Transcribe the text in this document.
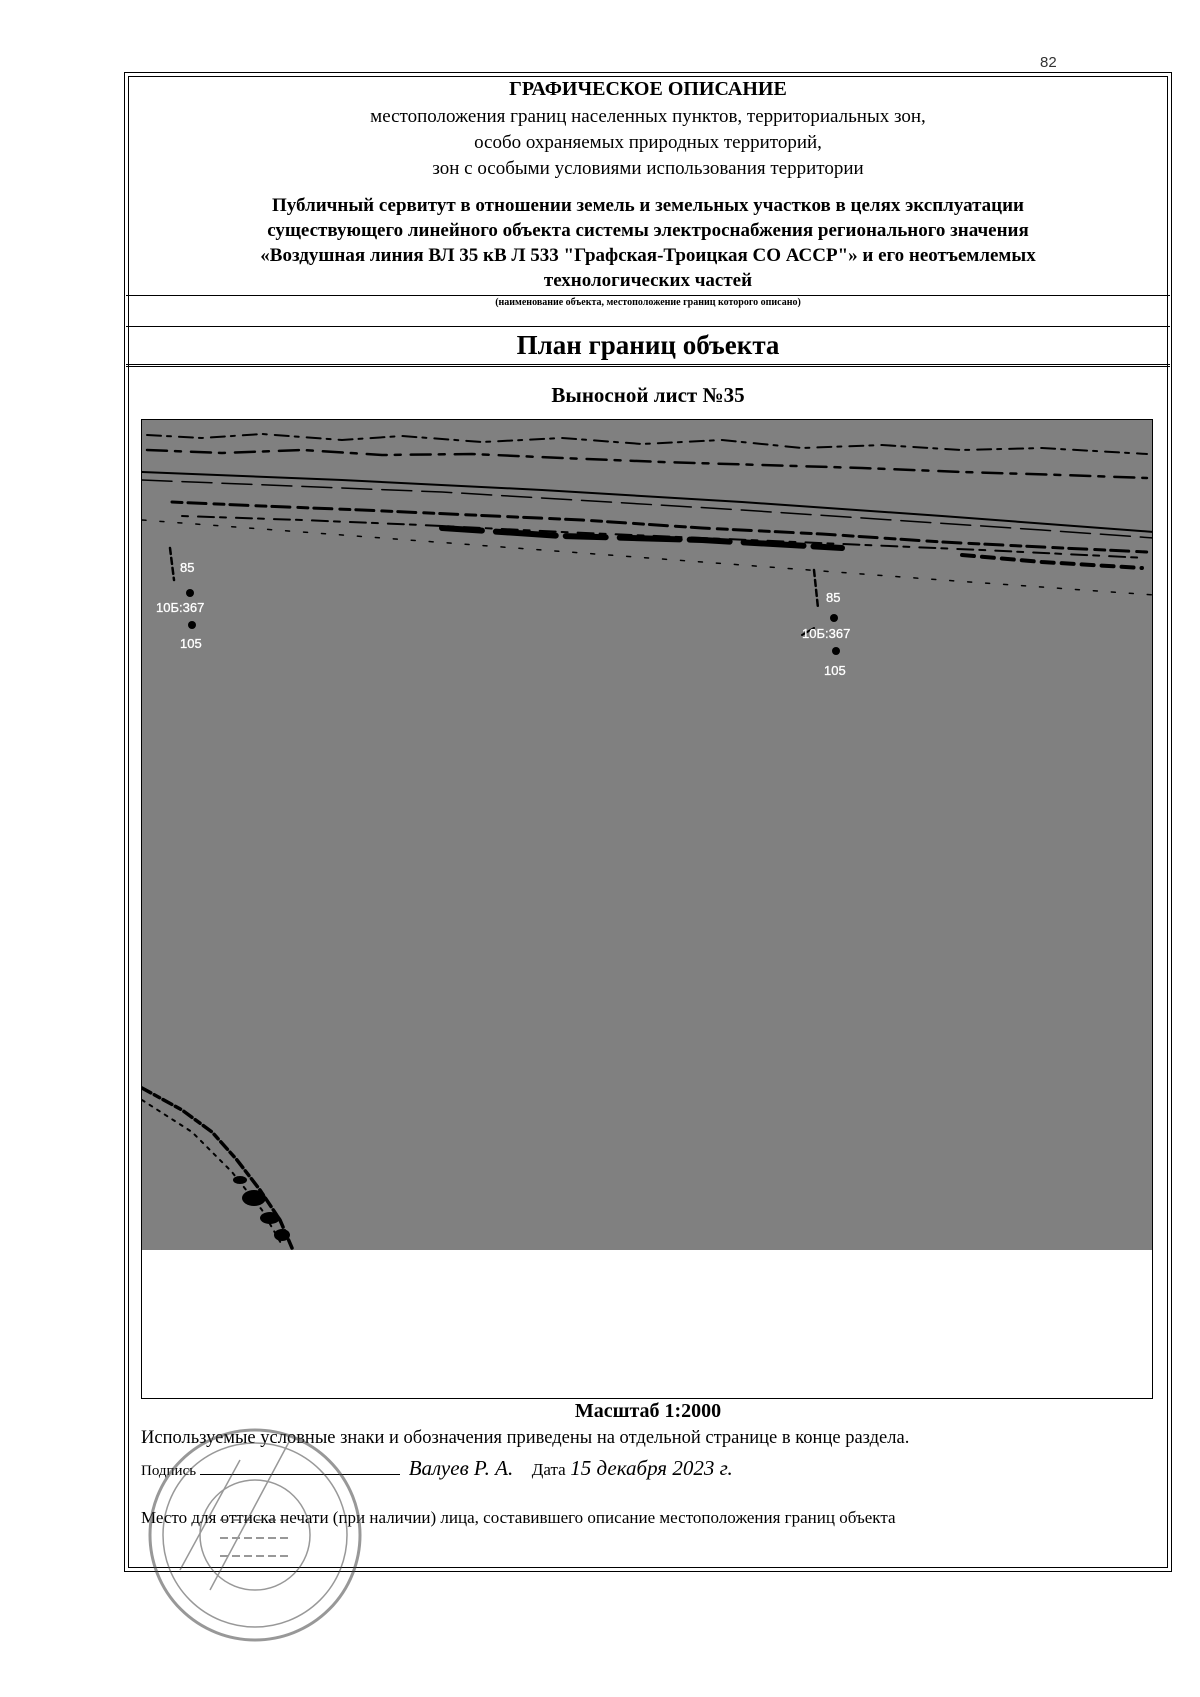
82
ГРАФИЧЕСКОЕ ОПИСАНИЕ
местоположения границ населенных пунктов, территориальных зон,
особо охраняемых природных территорий,
зон с особыми условиями использования территории
Публичный сервитут в отношении земель и земельных участков в целях эксплуатации
существующего линейного объекта системы электроснабжения регионального значения
«Воздушная линия ВЛ 35 кВ Л 533 "Графская-Троицкая СО АССР"» и его неотъемлемых
технологических частей
(наименование объекта, местоположение границ которого описано)
План границ объекта
Выносной лист №35
85
10Б:367
105
85
10Б:367
105
Масштаб 1:2000
Используемые условные знаки и обозначения приведены на отдельной странице в конце раздела.
Подпись	Валуев Р. А. Дата 15 декабря 2023 г.
Место для оттиска печати (при наличии) лица, составившего описание местоположения границ объекта
